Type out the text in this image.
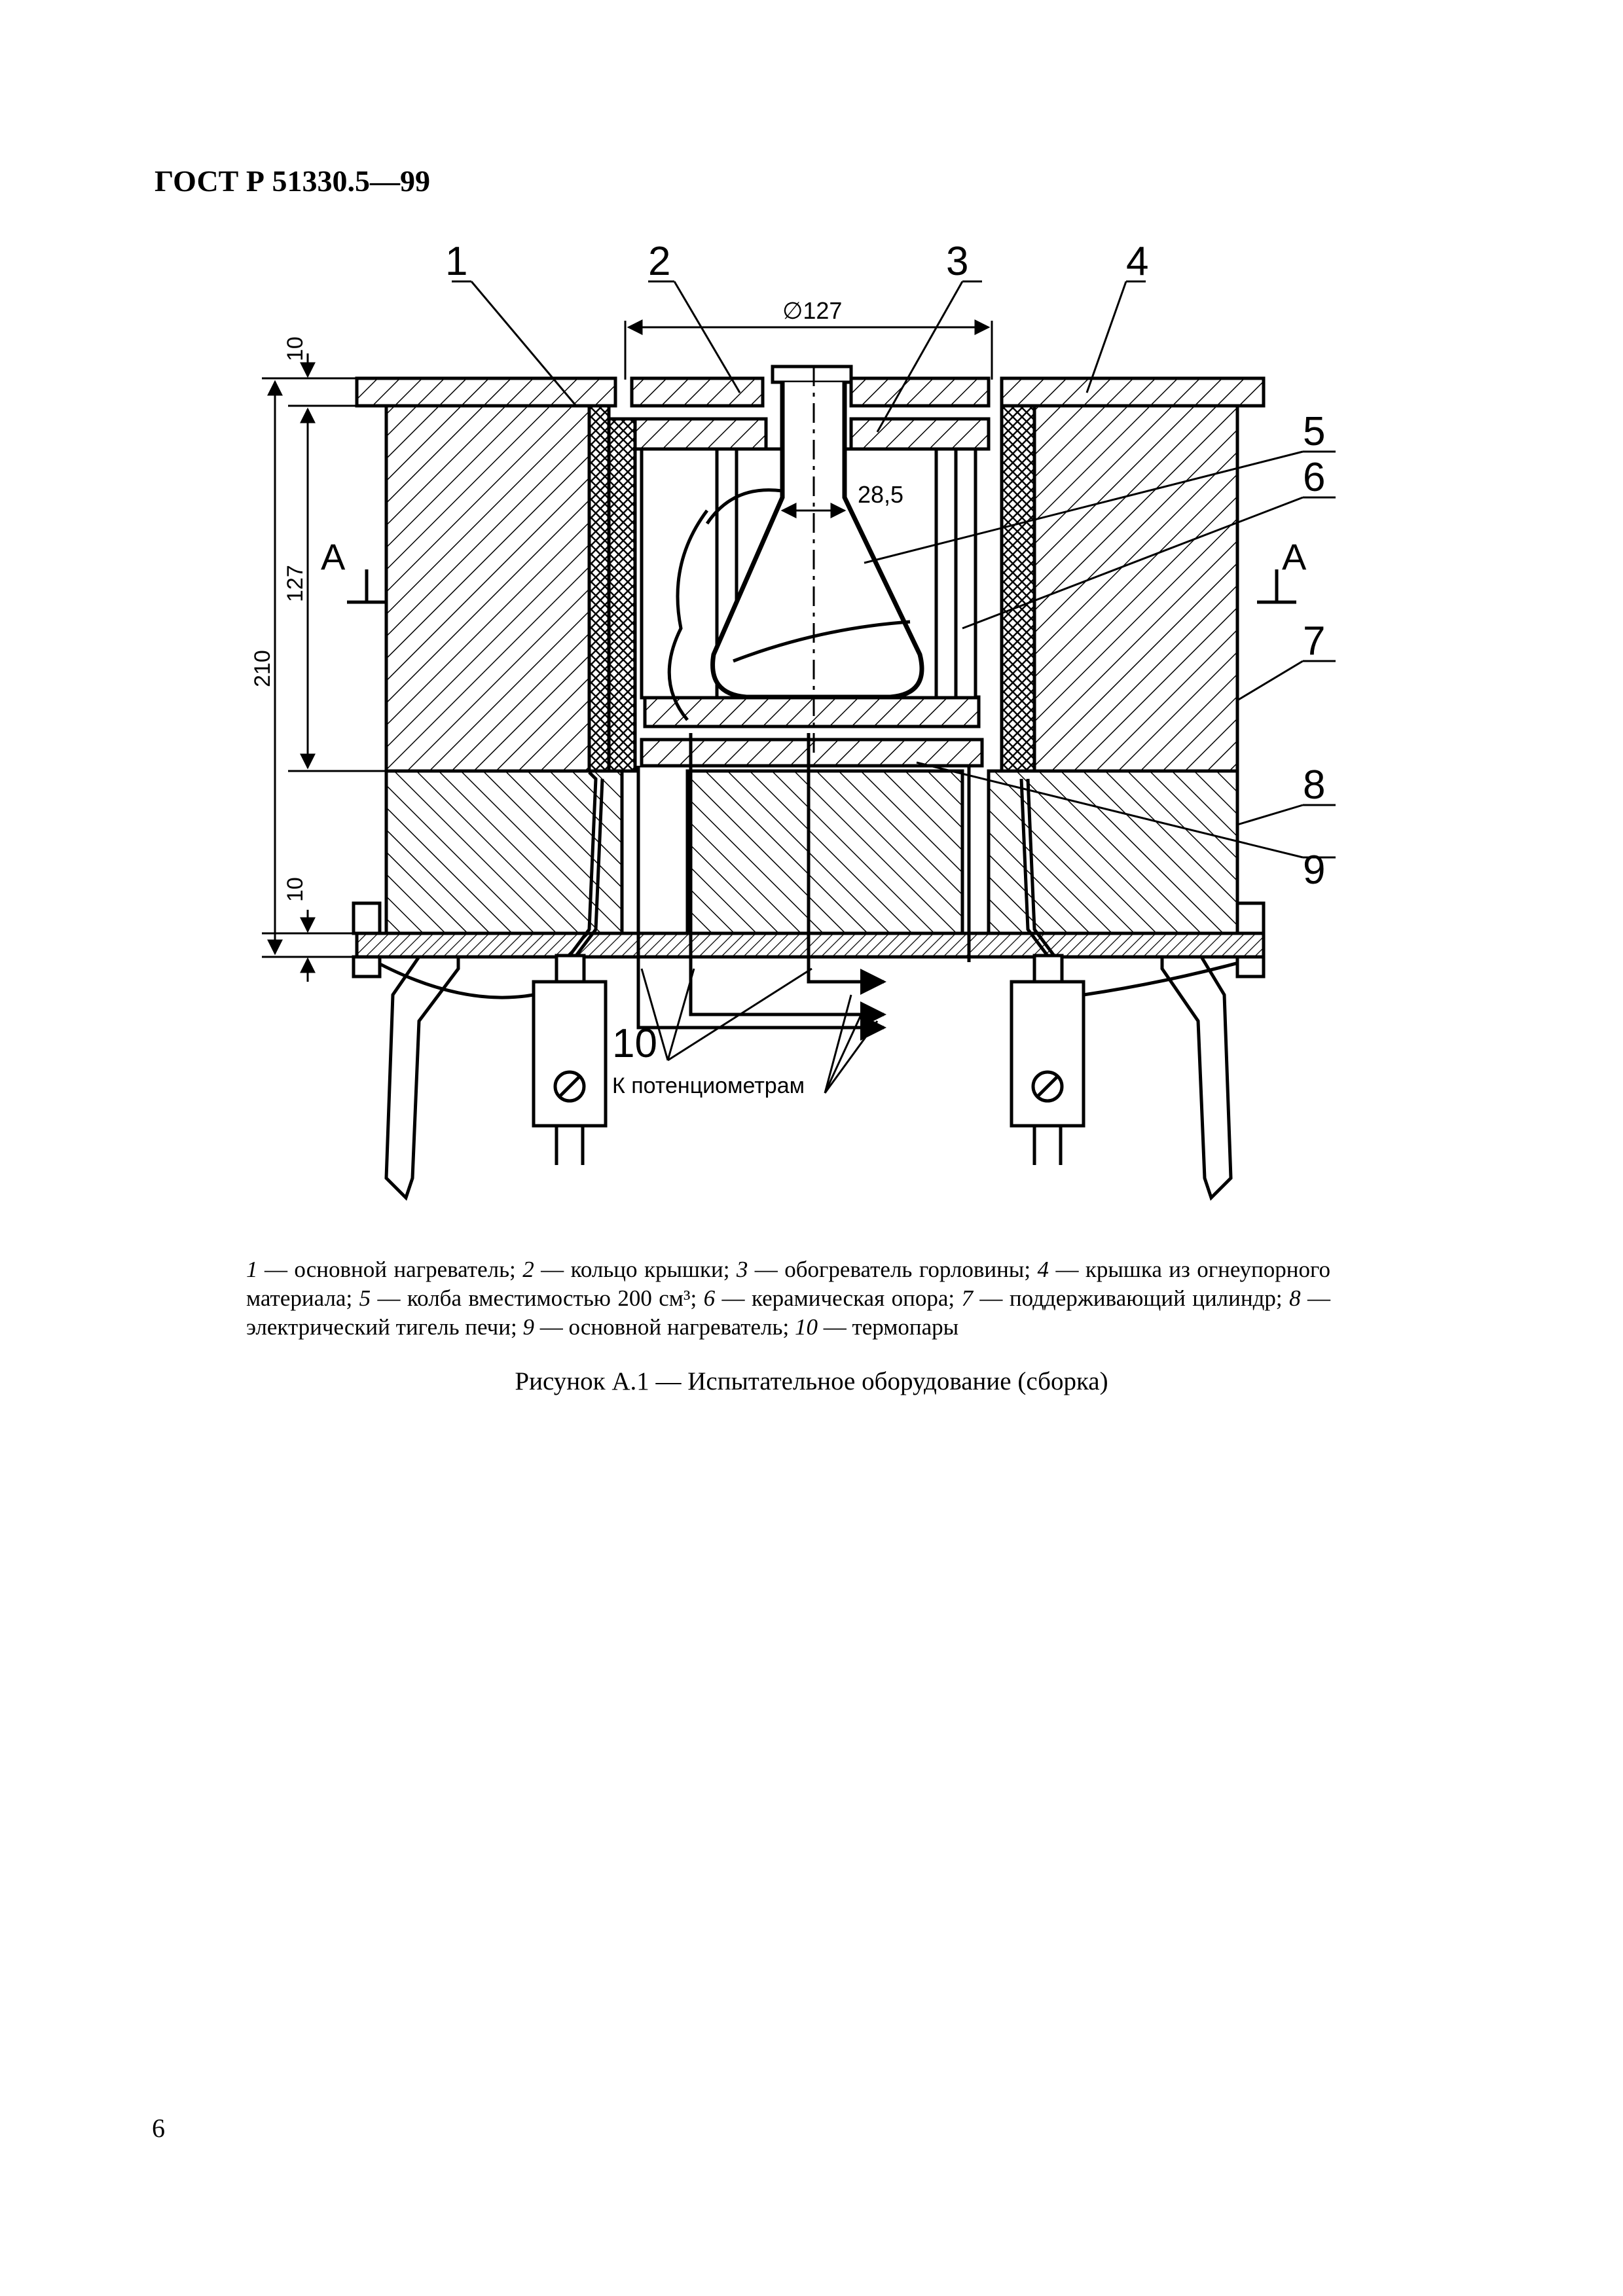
ГОСТ Р 51330.5—99
1	2	3	4
5
6
7
8
9
10
∅127
28,5
10
10
127
210
A	A
К потенциометрам
1 — основной нагреватель; 2 — кольцо крышки; 3 — обогреватель горловины; 4 — крышка из огнеупорного материала; 5 — колба вместимостью 200 см³; 6 — керамическая опора; 7 — поддерживающий цилиндр; 8 — электрический тигель печи; 9 — основной нагреватель; 10 — термопары
Рисунок А.1 — Испытательное оборудование (сборка)
6
